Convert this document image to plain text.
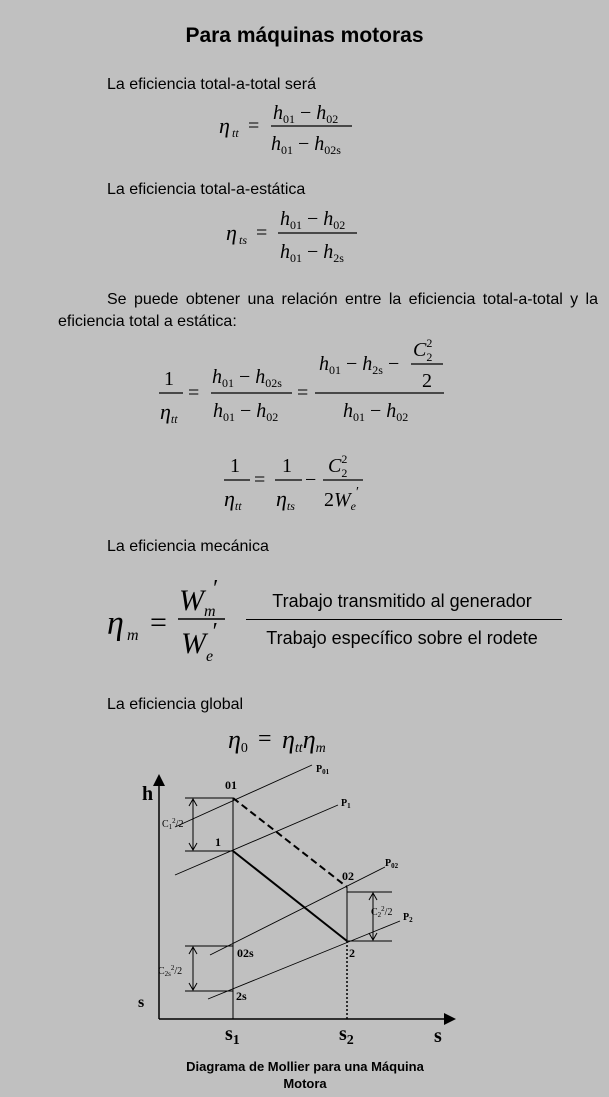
Para máquinas motoras
La eficiencia total-a-total será
η tt =
$h_{01} - h_{02}$
$h_{01} - h_{02s}$
La eficiencia total-a-estática
η ts =
$h_{01} - h_{02}$
$h_{01} - h_{2s}$
Se puede obtener una relación entre la eficiencia total-a-total y la eficiencia total a estática:
1
ηtt
=
$h_{01} - h_{02s}$
$h_{01} - h_{02}$
=
$h_{01} - h_{2s}$ −
$C_22$
2
$h_{01} - h_{02}$
1
ηtt
=
1
ηts
−
$C_22$
$2W_e'$
La eficiencia mecánica
η m =
$W_m'$
$W_e'$
Trabajo transmitido al generador
Trabajo específico sobre el rodete
La eficiencia global
η0 = ηttηm
h
s
s
$s_1$	$s_2$
01
1
02
02s	2
2s
$P_{01}$
$P_1$
$P_{02}$
$P_2$
$C_1^2/2$
$C_2^2/2$
$C_{2s}^2/2$
Diagrama de Mollier para una Máquina
Motora
